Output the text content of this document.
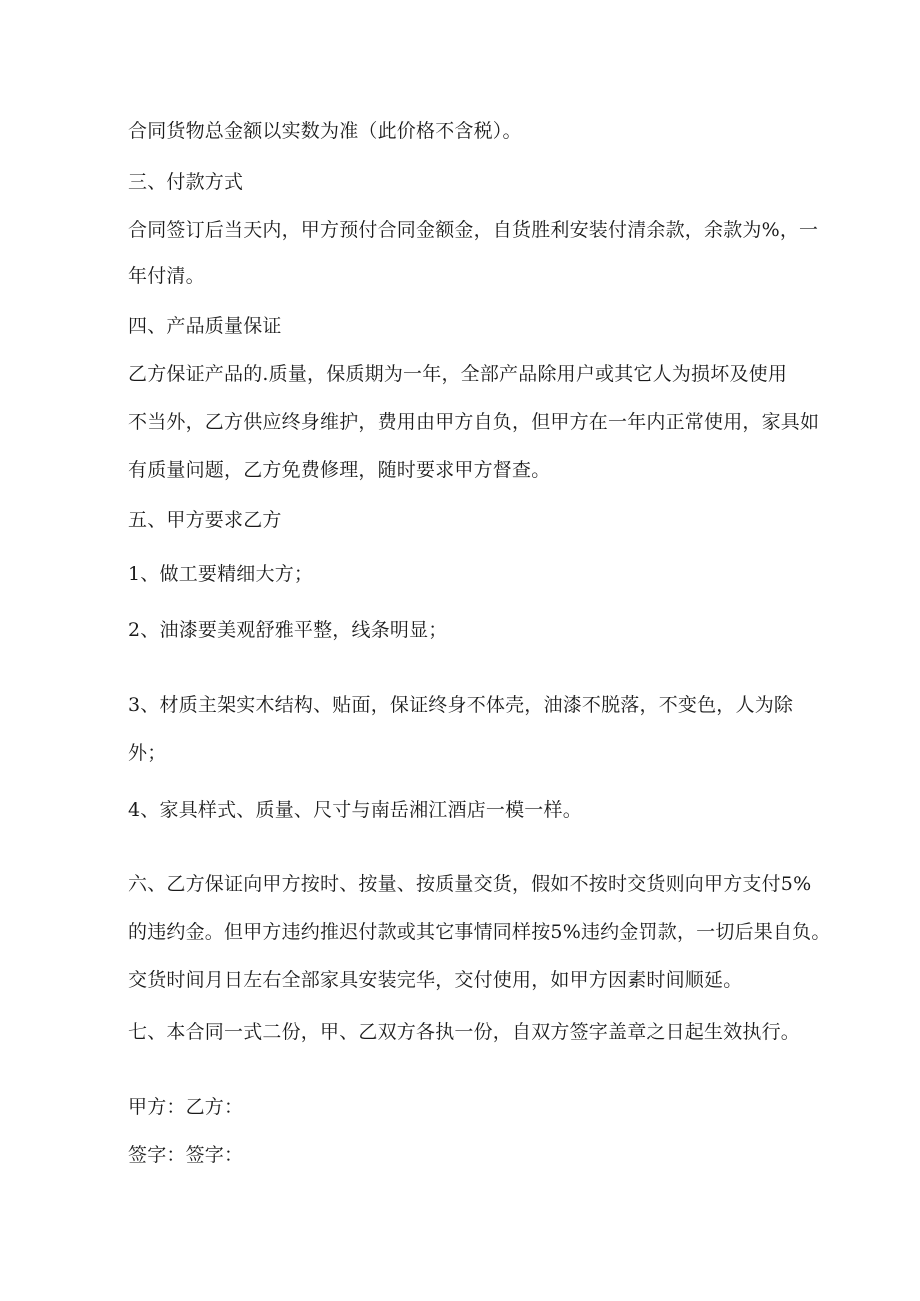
合同货物总金额以实数为准（此价格不含税）。
三、付款方式
合同签订后当天内，甲方预付合同金额金，自货胜利安装付清余款，余款为%，一
年付清。
四、产品质量保证
乙方保证产品的.质量，保质期为一年，全部产品除用户或其它人为损坏及使用
不当外，乙方供应终身维护，费用由甲方自负，但甲方在一年内正常使用，家具如
有质量问题，乙方免费修理，随时要求甲方督查。
五、甲方要求乙方
1、做工要精细大方；
2、油漆要美观舒雅平整，线条明显；
3、材质主架实木结构、贴面，保证终身不体壳，油漆不脱落，不变色，人为除
外；
4、家具样式、质量、尺寸与南岳湘江酒店一模一样。
六、乙方保证向甲方按时、按量、按质量交货，假如不按时交货则向甲方支付5%
的违约金。但甲方违约推迟付款或其它事情同样按5%违约金罚款，一切后果自负。
交货时间月日左右全部家具安装完华，交付使用，如甲方因素时间顺延。
七、本合同一式二份，甲、乙双方各执一份，自双方签字盖章之日起生效执行。
甲方：乙方：
签字：签字：
